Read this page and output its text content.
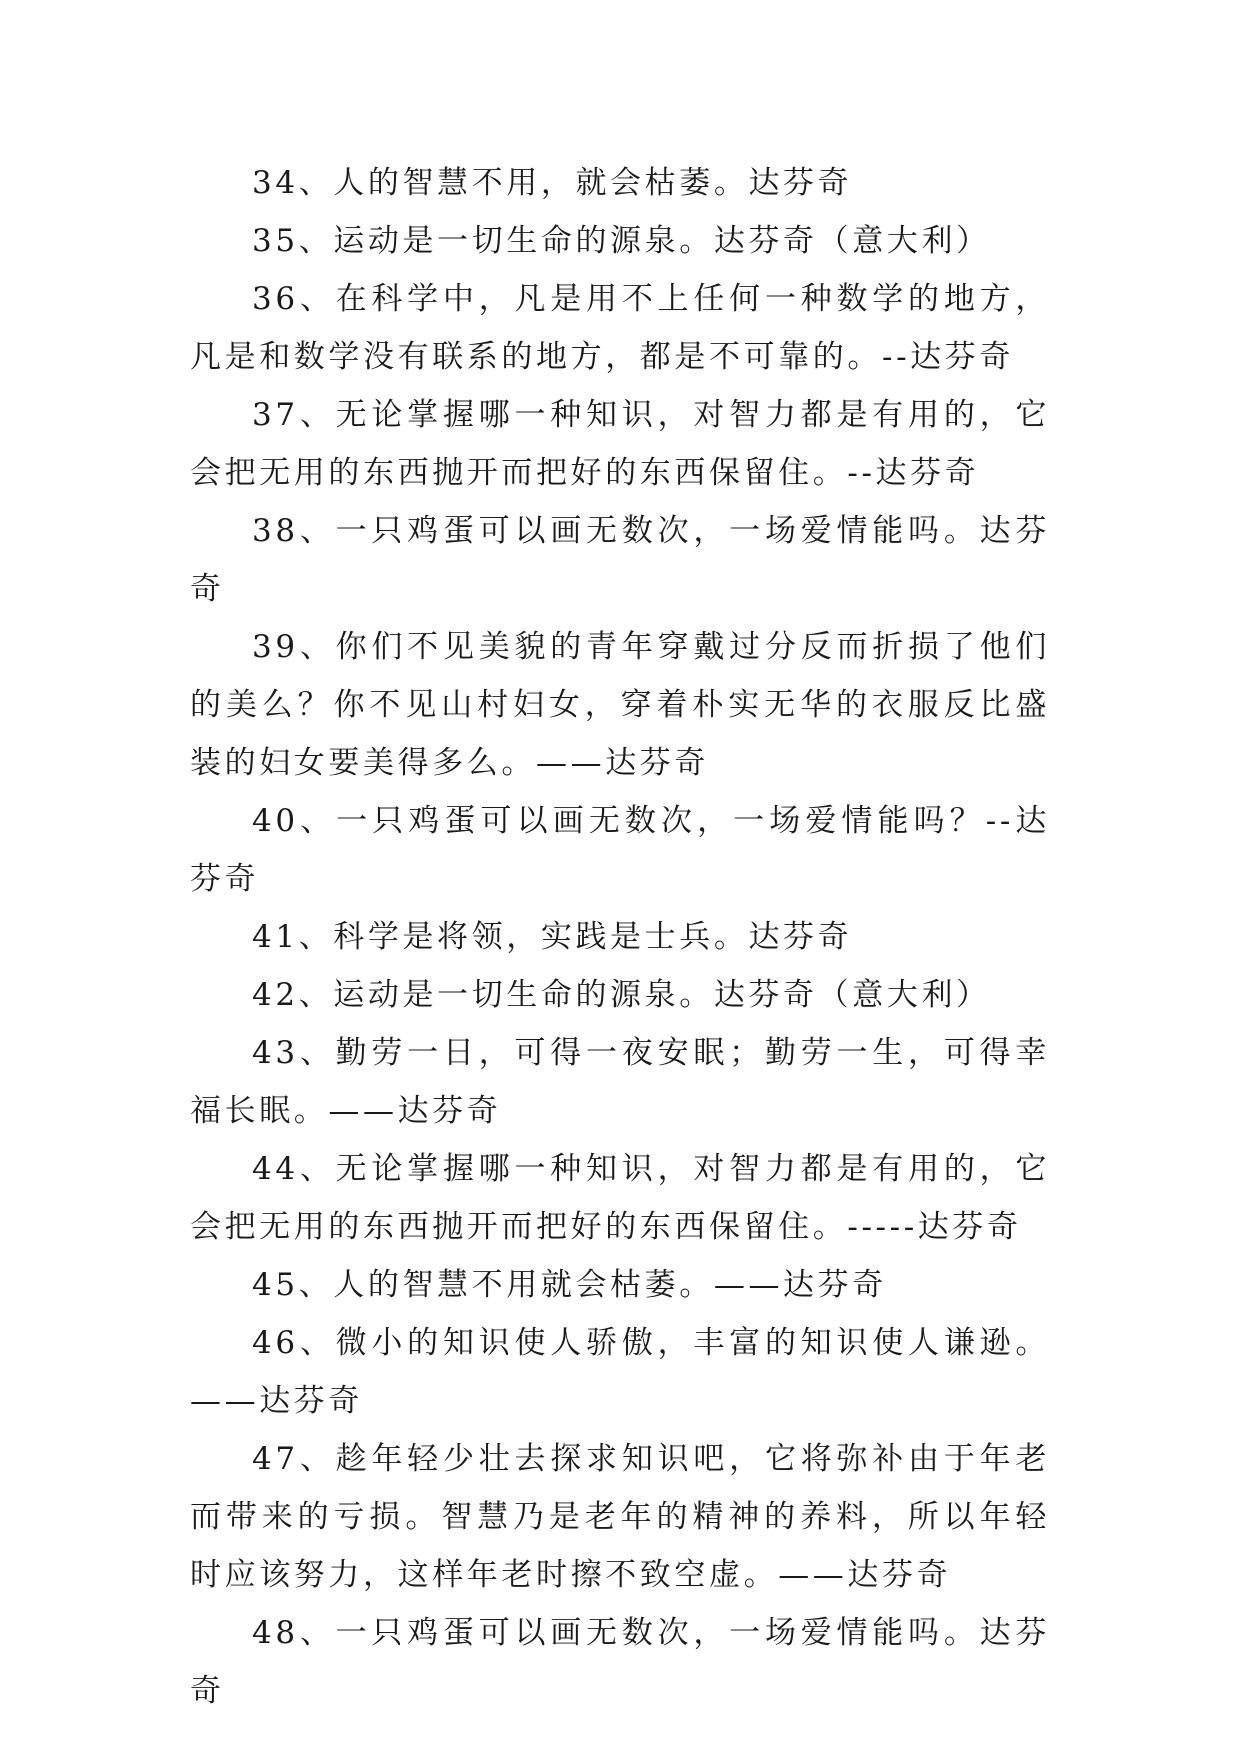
34、人的智慧不用，就会枯萎。达芬奇

35、运动是一切生命的源泉。达芬奇（意大利）

36、在科学中，凡是用不上任何一种数学的地方，凡是和数学没有联系的地方，都是不可靠的。--达芬奇

37、无论掌握哪一种知识，对智力都是有用的，它会把无用的东西抛开而把好的东西保留住。--达芬奇

38、一只鸡蛋可以画无数次，一场爱情能吗。达芬奇

39、你们不见美貌的青年穿戴过分反而折损了他们的美么？你不见山村妇女，穿着朴实无华的衣服反比盛装的妇女要美得多么。——达芬奇

40、一只鸡蛋可以画无数次，一场爱情能吗？--达芬奇

41、科学是将领，实践是士兵。达芬奇

42、运动是一切生命的源泉。达芬奇（意大利）

43、勤劳一日，可得一夜安眠；勤劳一生，可得幸福长眠。——达芬奇

44、无论掌握哪一种知识，对智力都是有用的，它会把无用的东西抛开而把好的东西保留住。-----达芬奇

45、人的智慧不用就会枯萎。——达芬奇

46、微小的知识使人骄傲，丰富的知识使人谦逊。——达芬奇

47、趁年轻少壮去探求知识吧，它将弥补由于年老而带来的亏损。智慧乃是老年的精神的养料，所以年轻时应该努力，这样年老时擦不致空虚。——达芬奇

48、一只鸡蛋可以画无数次，一场爱情能吗。达芬奇
